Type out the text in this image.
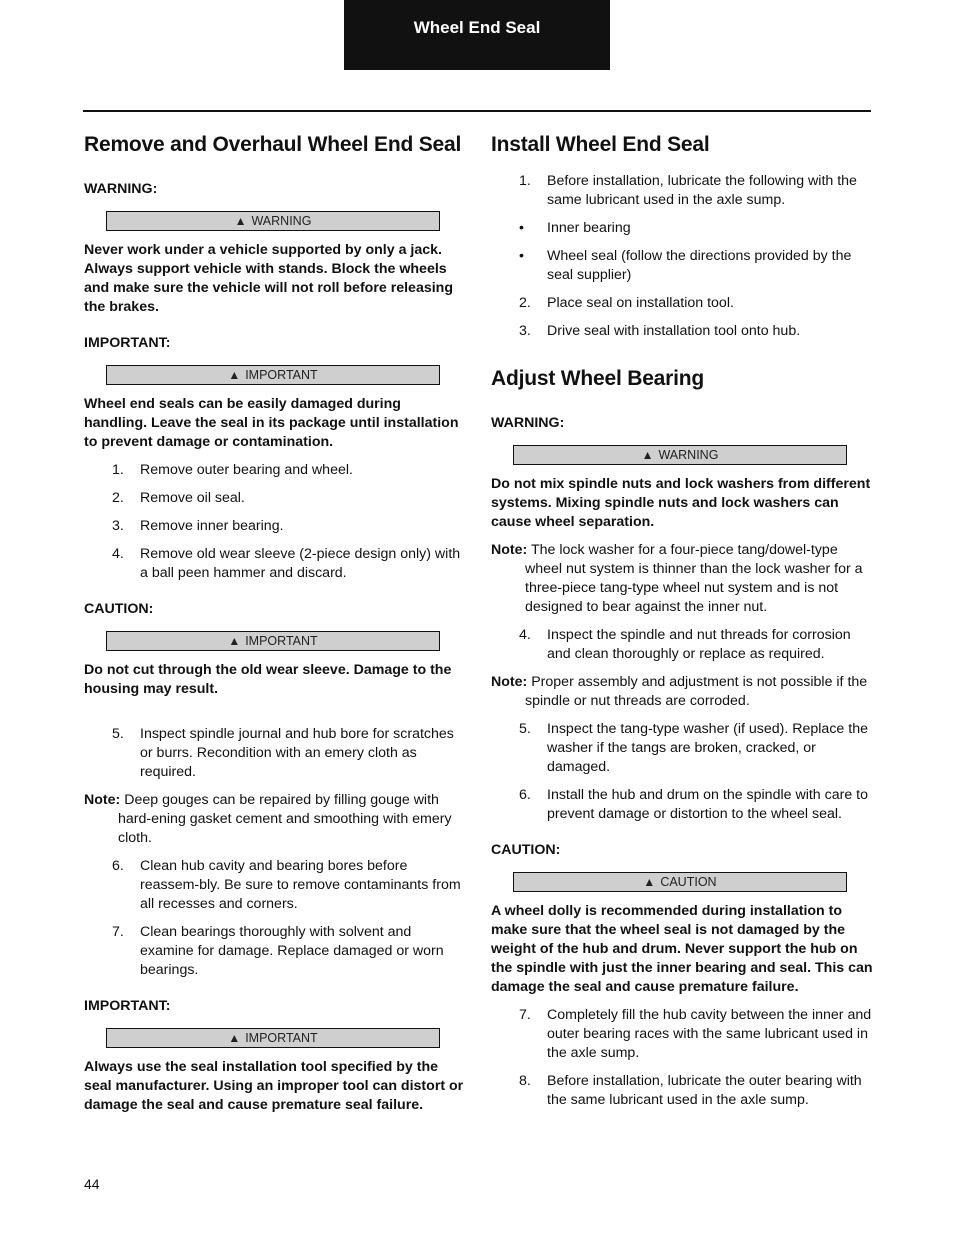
Wheel End Seal
Remove and Overhaul Wheel End Seal
WARNING:
▲ WARNING
Never work under a vehicle supported by only a jack. Always support vehicle with stands. Block the wheels and make sure the vehicle will not roll before releasing the brakes.
IMPORTANT:
▲ IMPORTANT
Wheel end seals can be easily damaged during handling. Leave the seal in its package until installation to prevent damage or contamination.
1.	Remove outer bearing and wheel.
2.	Remove oil seal.
3.	Remove inner bearing.
4.	Remove old wear sleeve (2-piece design only) with a ball peen hammer and discard.
CAUTION:
▲ IMPORTANT
Do not cut through the old wear sleeve. Damage to the housing may result.
5.	Inspect spindle journal and hub bore for scratches or burrs. Recondition with an emery cloth as required.
Note: Deep gouges can be repaired by filling gouge with hard-ening gasket cement and smoothing with emery cloth.
6.	Clean hub cavity and bearing bores before reassem-bly. Be sure to remove contaminants from all recesses and corners.
7.	Clean bearings thoroughly with solvent and examine for damage. Replace damaged or worn bearings.
IMPORTANT:
▲ IMPORTANT
Always use the seal installation tool specified by the seal manufacturer. Using an improper tool can distort or damage the seal and cause premature seal failure.
Install Wheel End Seal
1.	Before installation, lubricate the following with the same lubricant used in the axle sump.
•	Inner bearing
•	Wheel seal (follow the directions provided by the seal supplier)
2.	Place seal on installation tool.
3.	Drive seal with installation tool onto hub.
Adjust Wheel Bearing
WARNING:
▲ WARNING
Do not mix spindle nuts and lock washers from different systems. Mixing spindle nuts and lock washers can cause wheel separation.
Note: The lock washer for a four-piece tang/dowel-type wheel nut system is thinner than the lock washer for a three-piece tang-type wheel nut system and is not designed to bear against the inner nut.
4.	Inspect the spindle and nut threads for corrosion and clean thoroughly or replace as required.
Note: Proper assembly and adjustment is not possible if the spindle or nut threads are corroded.
5.	Inspect the tang-type washer (if used). Replace the washer if the tangs are broken, cracked, or damaged.
6.	Install the hub and drum on the spindle with care to prevent damage or distortion to the wheel seal.
CAUTION:
▲ CAUTION
A wheel dolly is recommended during installation to make sure that the wheel seal is not damaged by the weight of the hub and drum. Never support the hub on the spindle with just the inner bearing and seal. This can damage the seal and cause premature failure.
7.	Completely fill the hub cavity between the inner and outer bearing races with the same lubricant used in the axle sump.
8.	Before installation, lubricate the outer bearing with the same lubricant used in the axle sump.
44
